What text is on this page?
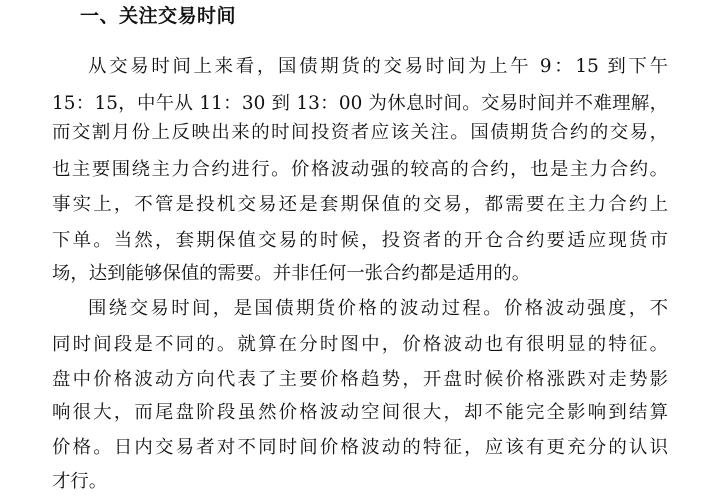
一、关注交易时间
从交易时间上来看，国债期货的交易时间为上午 9：15 到下午
15：15，中午从 11：30 到 13：00 为休息时间。交易时间并不难理解，
而交割月份上反映出来的时间投资者应该关注。国债期货合约的交易，
也主要围绕主力合约进行。价格波动强的较高的合约，也是主力合约。
事实上，不管是投机交易还是套期保值的交易，都需要在主力合约上
下单。当然，套期保值交易的时候，投资者的开仓合约要适应现货市
场，达到能够保值的需要。并非任何一张合约都是适用的。
围绕交易时间，是国债期货价格的波动过程。价格波动强度，不
同时间段是不同的。就算在分时图中，价格波动也有很明显的特征。
盘中价格波动方向代表了主要价格趋势，开盘时候价格涨跌对走势影
响很大，而尾盘阶段虽然价格波动空间很大，却不能完全影响到结算
价格。日内交易者对不同时间价格波动的特征，应该有更充分的认识
才行。
